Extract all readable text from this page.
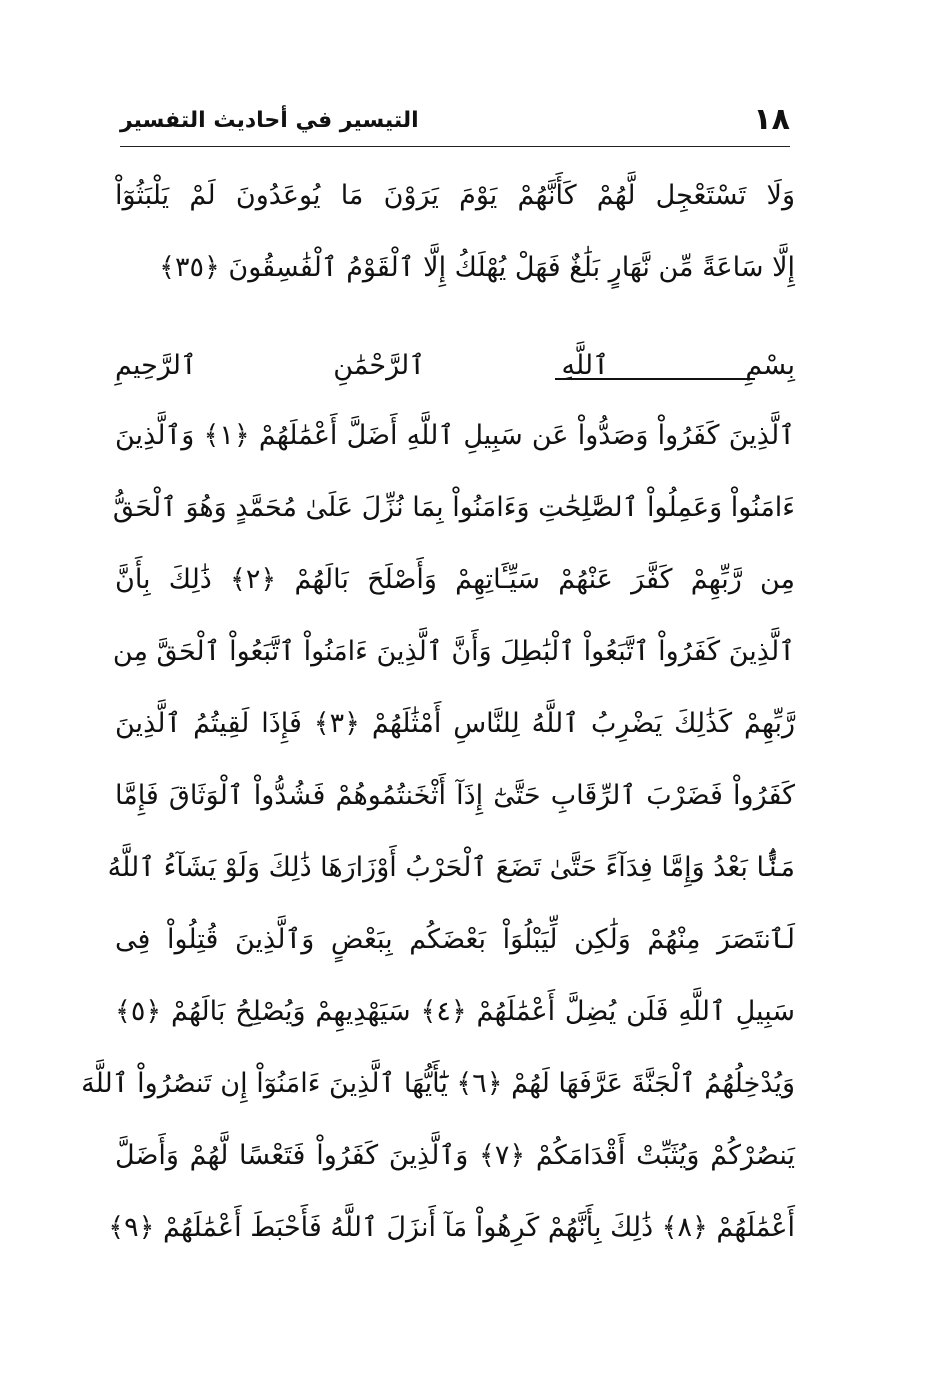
١٨
التيسير في أحاديث التفسير
وَلَا تَسْتَعْجِل لَّهُمْ كَأَنَّهُمْ يَوْمَ يَرَوْنَ مَا يُوعَدُونَ لَمْ يَلْبَثُوٓاْ
إِلَّا سَاعَةً مِّن نَّهَارٍ بَلَٰغٌ فَهَلْ يُهْلَكُ إِلَّا ٱلْقَوْمُ ٱلْفَٰسِقُونَ ﴿٣٥﴾
بِسْمِ ٱللَّهِ ٱلرَّحْمَٰنِ ٱلرَّحِيمِ
ٱلَّذِينَ كَفَرُواْ وَصَدُّواْ عَن سَبِيلِ ٱللَّهِ أَضَلَّ أَعْمَٰلَهُمْ ﴿١﴾ وَٱلَّذِينَ
ءَامَنُواْ وَعَمِلُواْ ٱلصَّٰلِحَٰتِ وَءَامَنُواْ بِمَا نُزِّلَ عَلَىٰ مُحَمَّدٍ وَهُوَ ٱلْحَقُّ
مِن رَّبِّهِمْ كَفَّرَ عَنْهُمْ سَيِّـَٔاتِهِمْ وَأَصْلَحَ بَالَهُمْ ﴿٢﴾ ذَٰلِكَ بِأَنَّ
ٱلَّذِينَ كَفَرُواْ ٱتَّبَعُواْ ٱلْبَٰطِلَ وَأَنَّ ٱلَّذِينَ ءَامَنُواْ ٱتَّبَعُواْ ٱلْحَقَّ مِن
رَّبِّهِمْ كَذَٰلِكَ يَضْرِبُ ٱللَّهُ لِلنَّاسِ أَمْثَٰلَهُمْ ﴿٣﴾ فَإِذَا لَقِيتُمُ ٱلَّذِينَ
كَفَرُواْ فَضَرْبَ ٱلرِّقَابِ حَتَّىٰٓ إِذَآ أَثْخَنتُمُوهُمْ فَشُدُّواْ ٱلْوَثَاقَ فَإِمَّا
مَنًّۢا بَعْدُ وَإِمَّا فِدَآءً حَتَّىٰ تَضَعَ ٱلْحَرْبُ أَوْزَارَهَا ذَٰلِكَ وَلَوْ يَشَآءُ ٱللَّهُ
لَٱنتَصَرَ مِنْهُمْ وَلَٰكِن لِّيَبْلُوَاْ بَعْضَكُم بِبَعْضٍ وَٱلَّذِينَ قُتِلُواْ فِى
سَبِيلِ ٱللَّهِ فَلَن يُضِلَّ أَعْمَٰلَهُمْ ﴿٤﴾ سَيَهْدِيهِمْ وَيُصْلِحُ بَالَهُمْ ﴿٥﴾
وَيُدْخِلُهُمُ ٱلْجَنَّةَ عَرَّفَهَا لَهُمْ ﴿٦﴾ يَٰٓأَيُّهَا ٱلَّذِينَ ءَامَنُوٓاْ إِن تَنصُرُواْ ٱللَّهَ
يَنصُرْكُمْ وَيُثَبِّتْ أَقْدَامَكُمْ ﴿٧﴾ وَٱلَّذِينَ كَفَرُواْ فَتَعْسًا لَّهُمْ وَأَضَلَّ
أَعْمَٰلَهُمْ ﴿٨﴾ ذَٰلِكَ بِأَنَّهُمْ كَرِهُواْ مَآ أَنزَلَ ٱللَّهُ فَأَحْبَطَ أَعْمَٰلَهُمْ ﴿٩﴾
